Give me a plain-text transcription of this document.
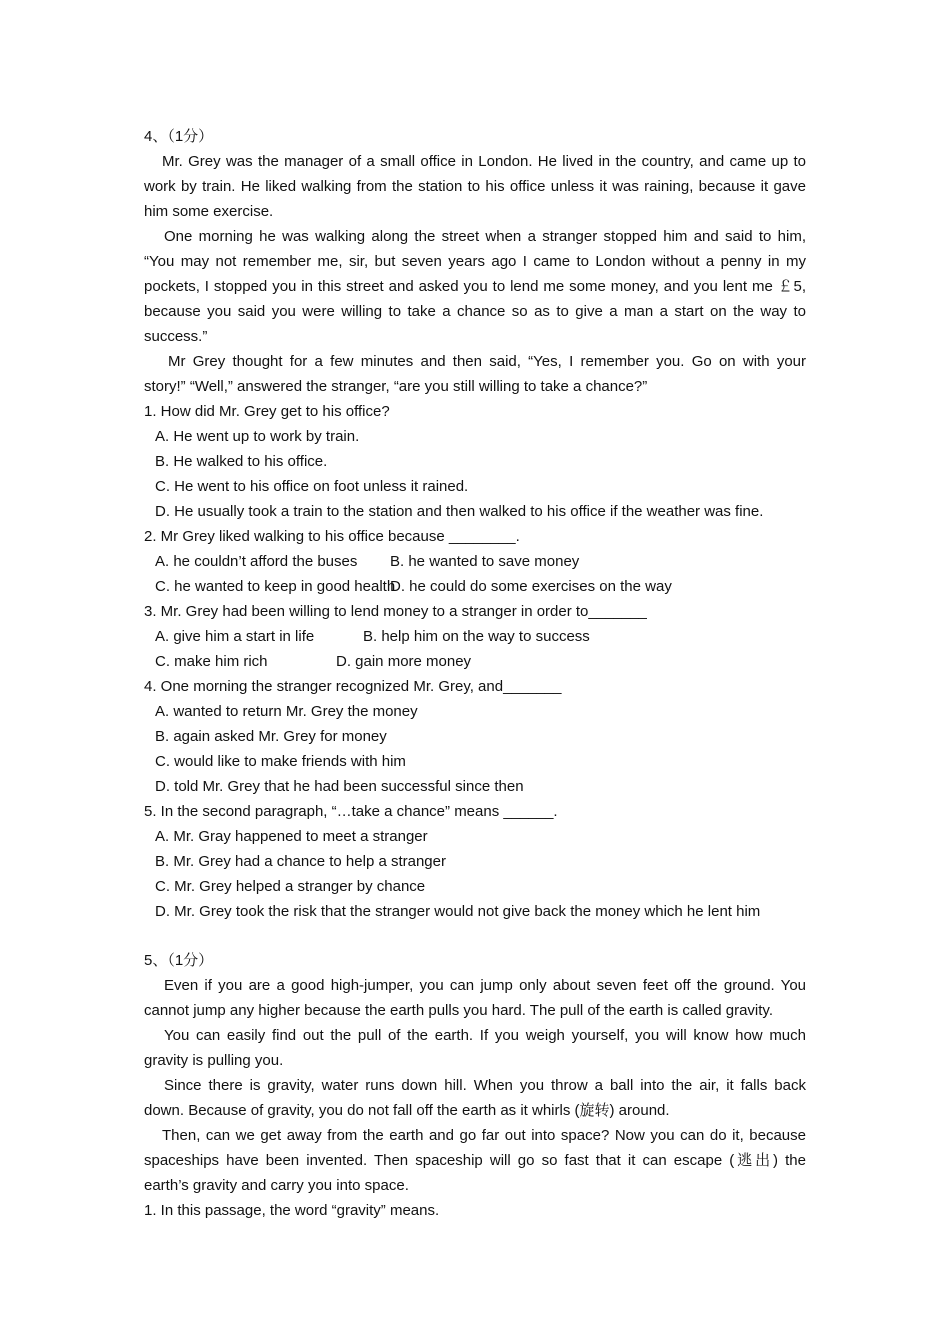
4、（1分）
Mr. Grey was the manager of a small office in London. He lived in the country, and came up to
work by train. He liked walking from the station to his office unless it was raining, because it gave
him some exercise.
One morning he was walking along the street when a stranger stopped him and said to him,
“You may not remember me, sir, but seven years ago I came to London without a penny in my
pockets, I stopped you in this street and asked you to lend me some money, and you lent me ￡5,
because you said you were willing to take a chance so as to give a man a start on the way to
success.”
Mr Grey thought for a few minutes and then said, “Yes, I remember you. Go on with your
story!” “Well,” answered the stranger, “are you still willing to take a chance?”
1. How did Mr. Grey get to his office?
A. He went up to work by train.
B. He walked to his office.
C. He went to his office on foot unless it rained.
D. He usually took a train to the station and then walked to his office if the weather was fine.
2. Mr Grey liked walking to his office because ________.
A. he couldn’t afford the buses B. he wanted to save money
C. he wanted to keep in good healthD. he could do some exercises on the way
3. Mr. Grey had been willing to lend money to a stranger in order to_______
A. give him a start in life	B. help him on the way to success
C. make him rich	D. gain more money
4. One morning the stranger recognized Mr. Grey, and_______
A. wanted to return Mr. Grey the money
B. again asked Mr. Grey for money
C. would like to make friends with him
D. told Mr. Grey that he had been successful since then
5. In the second paragraph, “…take a chance” means ______.
A. Mr. Gray happened to meet a stranger
B. Mr. Grey had a chance to help a stranger
C. Mr. Grey helped a stranger by chance
D. Mr. Grey took the risk that the stranger would not give back the money which he lent him
5、（1分）
Even if you are a good high-jumper, you can jump only about seven feet off the ground. You
cannot jump any higher because the earth pulls you hard. The pull of the earth is called gravity.
You can easily find out the pull of the earth. If you weigh yourself, you will know how much
gravity is pulling you.
Since there is gravity, water runs down hill. When you throw a ball into the air, it falls back
down. Because of gravity, you do not fall off the earth as it whirls (旋转) around.
Then, can we get away from the earth and go far out into space? Now you can do it, because
spaceships have been invented. Then spaceship will go so fast that it can escape (逃出) the
earth’s gravity and carry you into space.
1. In this passage, the word “gravity” means.
